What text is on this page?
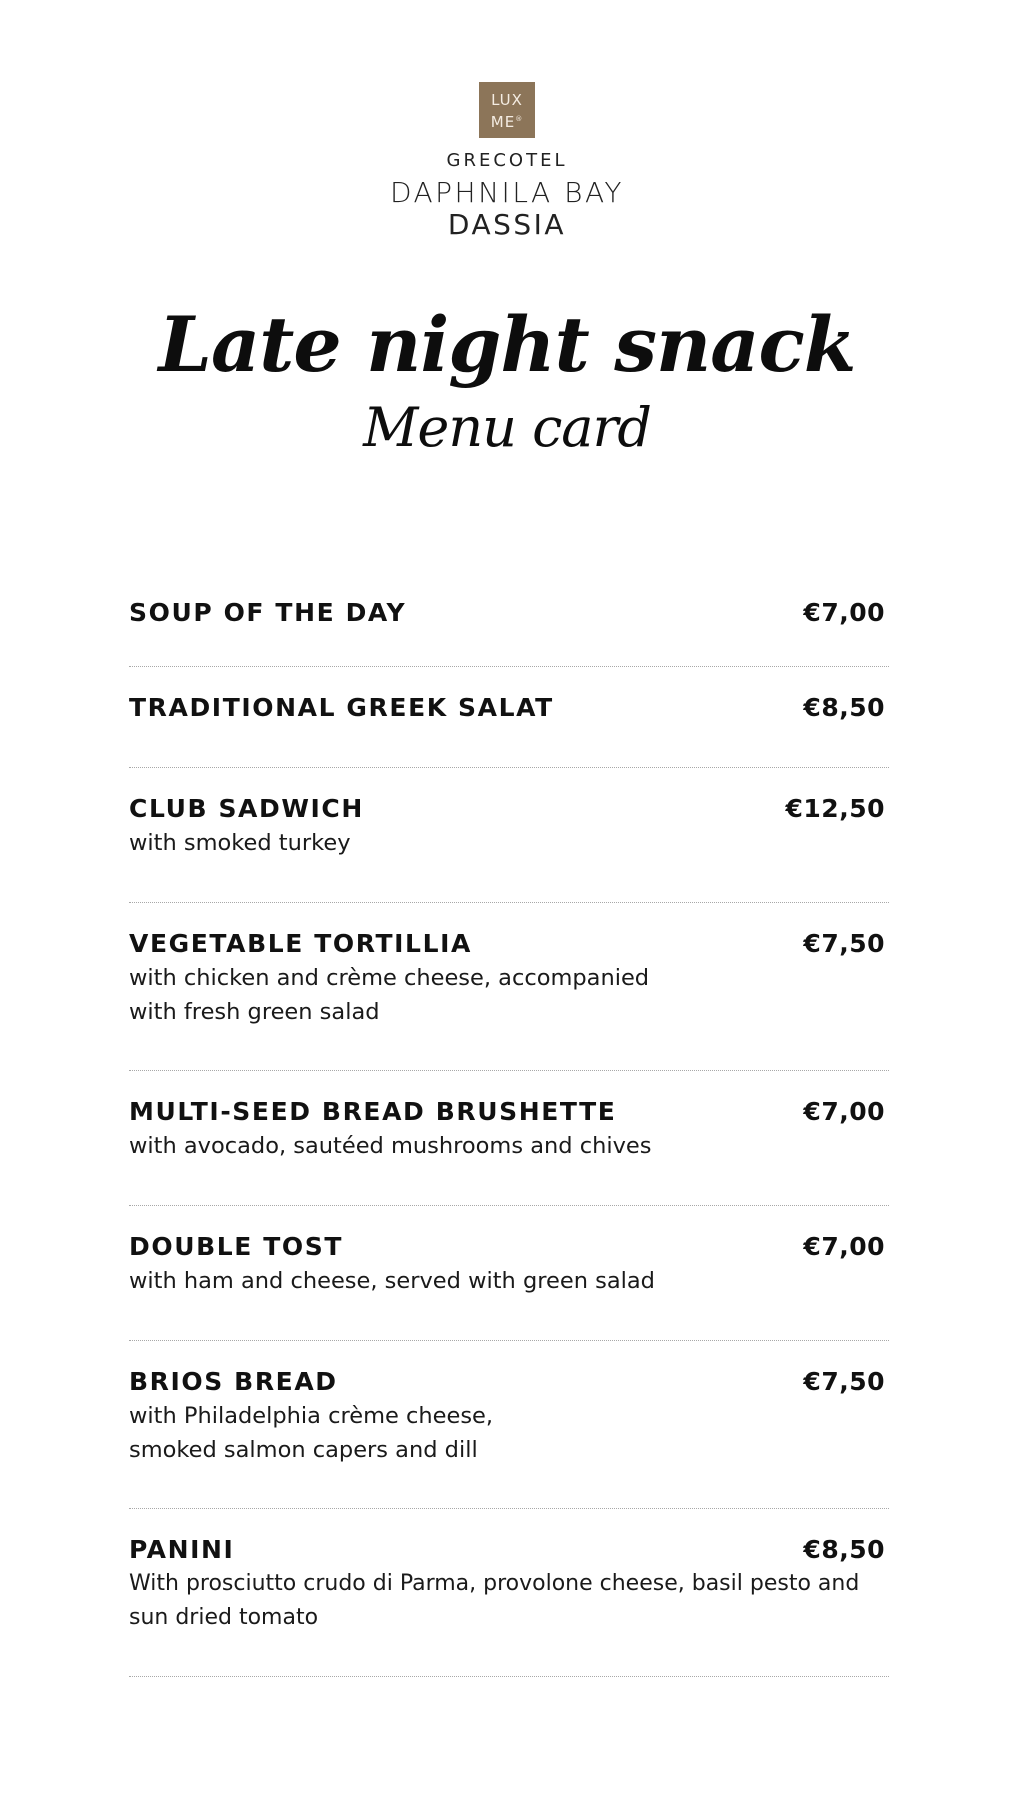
LUX
ME®
GRECOTEL
DAPHNILA BAY
DASSIA
Late night snack
Menu card
SOUP OF THE DAY	€7,00
TRADITIONAL GREEK SALAT	€8,50
CLUB SADWICH	€12,50
with smoked turkey
VEGETABLE TORTILLIA	€7,50
with chicken and crème cheese, accompanied
with fresh green salad
MULTI-SEED BREAD BRUSHETTE	€7,00
with avocado, sautéed mushrooms and chives
DOUBLE TOST	€7,00
with ham and cheese, served with green salad
BRIOS BREAD	€7,50
with Philadelphia crème cheese,
smoked salmon capers and dill
PANINI	€8,50
With prosciutto crudo di Parma, provolone cheese, basil pesto and
sun dried tomato
